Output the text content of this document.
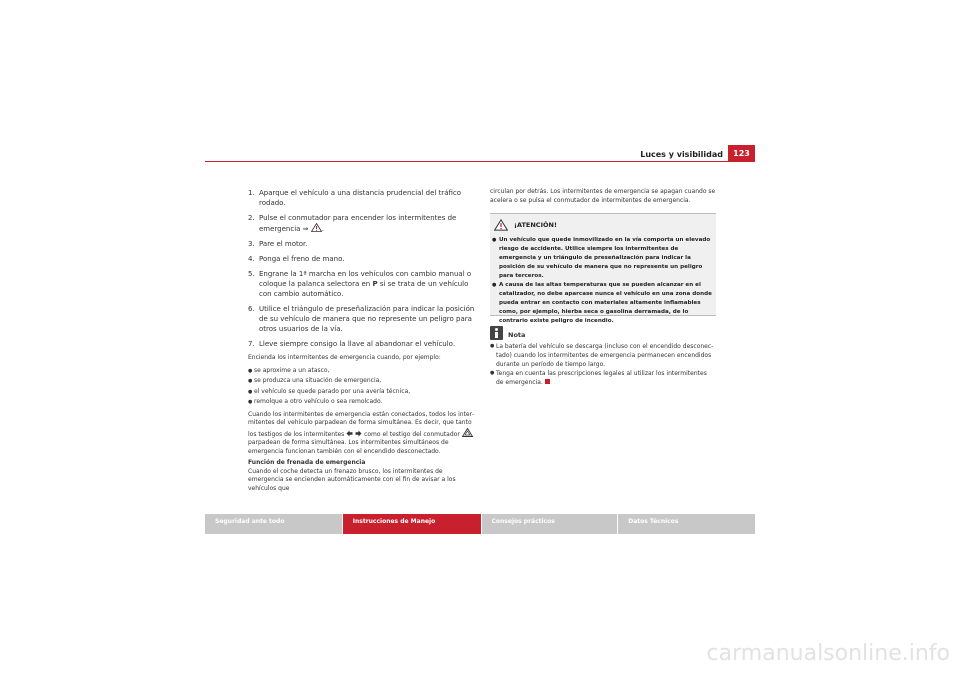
Luces y visibilidad	123
1. Aparque el vehículo a una distancia prudencial del tráfico rodado.
2. Pulse el conmutador para encender los intermitentes de emergencia ⇒ .
3. Pare el motor.
4. Ponga el freno de mano.
5. Engrane la 1ª marcha en los vehículos con cambio manual o coloque la palanca selectora en P si se trata de un vehículo con cambio automático.
6. Utilice el triángulo de preseñalización para indicar la posición de su vehículo de manera que no represente un peligro para otros usuarios de la vía.
7. Lleve siempre consigo la llave al abandonar el vehículo.

Encienda los intermitentes de emergencia cuando, por ejemplo:

● se aproxime a un atasco,
● se produzca una situación de emergencia,
● el vehículo se quede parado por una avería técnica,
● remolque a otro vehículo o sea remolcado.

Cuando los intermitentes de emergencia están conectados, todos los intermitentes del vehículo parpadean de forma simultánea. Es decir, que tanto los testigos de los intermitentes	como el testigo del conmutador  parpadean de forma simultánea. Los intermitentes simultáneos de emergencia funcionan también con el encendido desconectado.

Función de frenada de emergencia

Cuando el coche detecta un frenazo brusco, los intermitentes de emergencia se encienden automáticamente con el fin de avisar a los vehículos que

circulan por detrás. Los intermitentes de emergencia se apagan cuando se acelera o se pulsa el conmutador de intermitentes de emergencia.

¡ATENCIÓN!
● Un vehículo que quede inmovilizado en la vía comporta un elevado riesgo de accidente. Utilice siempre los intermitentes de emergencia y un triángulo de preseñalización para indicar la posición de su vehículo de manera que no represente un peligro para terceros.
● A causa de las altas temperaturas que se pueden alcanzar en el catalizador, no debe aparcase nunca el vehículo en una zona donde pueda entrar en contacto con materiales altamente inflamables como, por ejemplo, hierba seca o gasolina derramada, de lo contrario existe peligro de incendio.
Nota
● La batería del vehículo se descarga (incluso con el encendido desconectado) cuando los intermitentes de emergencia permanecen encendidos durante un período de tiempo largo.
● Tenga en cuenta las prescripciones legales al utilizar los intermitentes de emergencia.
Seguridad ante todo	Instrucciones de Manejo	Consejos prácticos	Datos Técnicos
carmanualsonline.info
